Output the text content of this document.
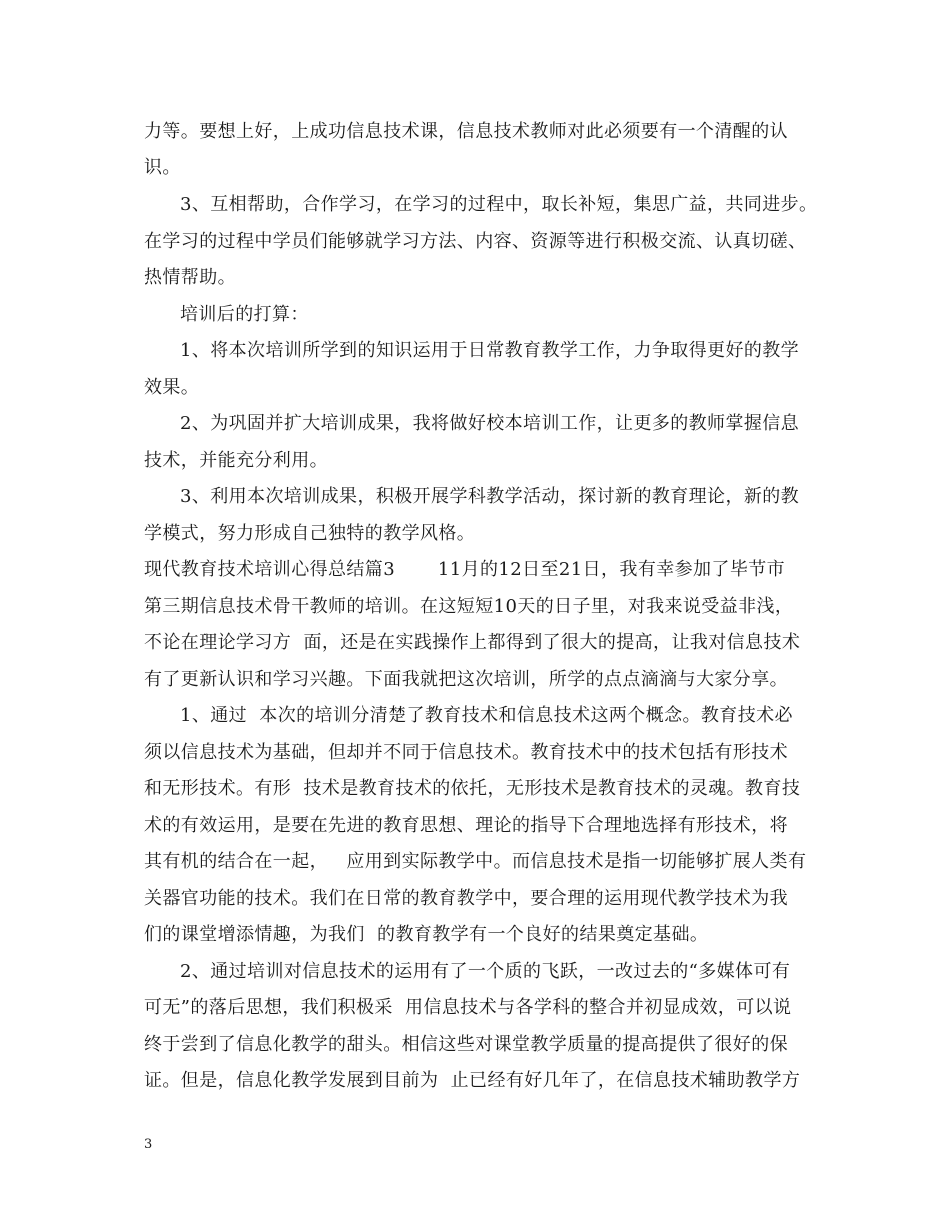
力等。要想上好，上成功信息技术课，信息技术教师对此必须要有一个清醒的认
识。
3、互相帮助，合作学习，在学习的过程中，取长补短，集思广益，共同进步。
在学习的过程中学员们能够就学习方法、内容、资源等进行积极交流、认真切磋、
热情帮助。
培训后的打算：
1、将本次培训所学到的知识运用于日常教育教学工作，力争取得更好的教学
效果。
2、为巩固并扩大培训成果，我将做好校本培训工作，让更多的教师掌握信息
技术，并能充分利用。
3、利用本次培训成果，积极开展学科教学活动，探讨新的教育理论，新的教
学模式，努力形成自己独特的教学风格。
现代教育技术培训心得总结篇3       11月的12日至21日，我有幸参加了毕节市
第三期信息技术骨干教师的培训。在这短短10天的日子里，对我来说受益非浅，
不论在理论学习方  面，还是在实践操作上都得到了很大的提高，让我对信息技术
有了更新认识和学习兴趣。下面我就把这次培训，所学的点点滴滴与大家分享。
1、通过  本次的培训分清楚了教育技术和信息技术这两个概念。教育技术必
须以信息技术为基础，但却并不同于信息技术。教育技术中的技术包括有形技术
和无形技术。有形  技术是教育技术的依托，无形技术是教育技术的灵魂。教育技
术的有效运用，是要在先进的教育思想、理论的指导下合理地选择有形技术，将
其有机的结合在一起，   应用到实际教学中。而信息技术是指一切能够扩展人类有
关器官功能的技术。我们在日常的教育教学中，要合理的运用现代教学技术为我
们的课堂增添情趣，为我们  的教育教学有一个良好的结果奠定基础。
2、通过培训对信息技术的运用有了一个质的飞跃，一改过去的“多媒体可有
可无”的落后思想，我们积极采  用信息技术与各学科的整合并初显成效，可以说
终于尝到了信息化教学的甜头。相信这些对课堂教学质量的提高提供了很好的保
证。但是，信息化教学发展到目前为  止已经有好几年了，在信息技术辅助教学方
3
